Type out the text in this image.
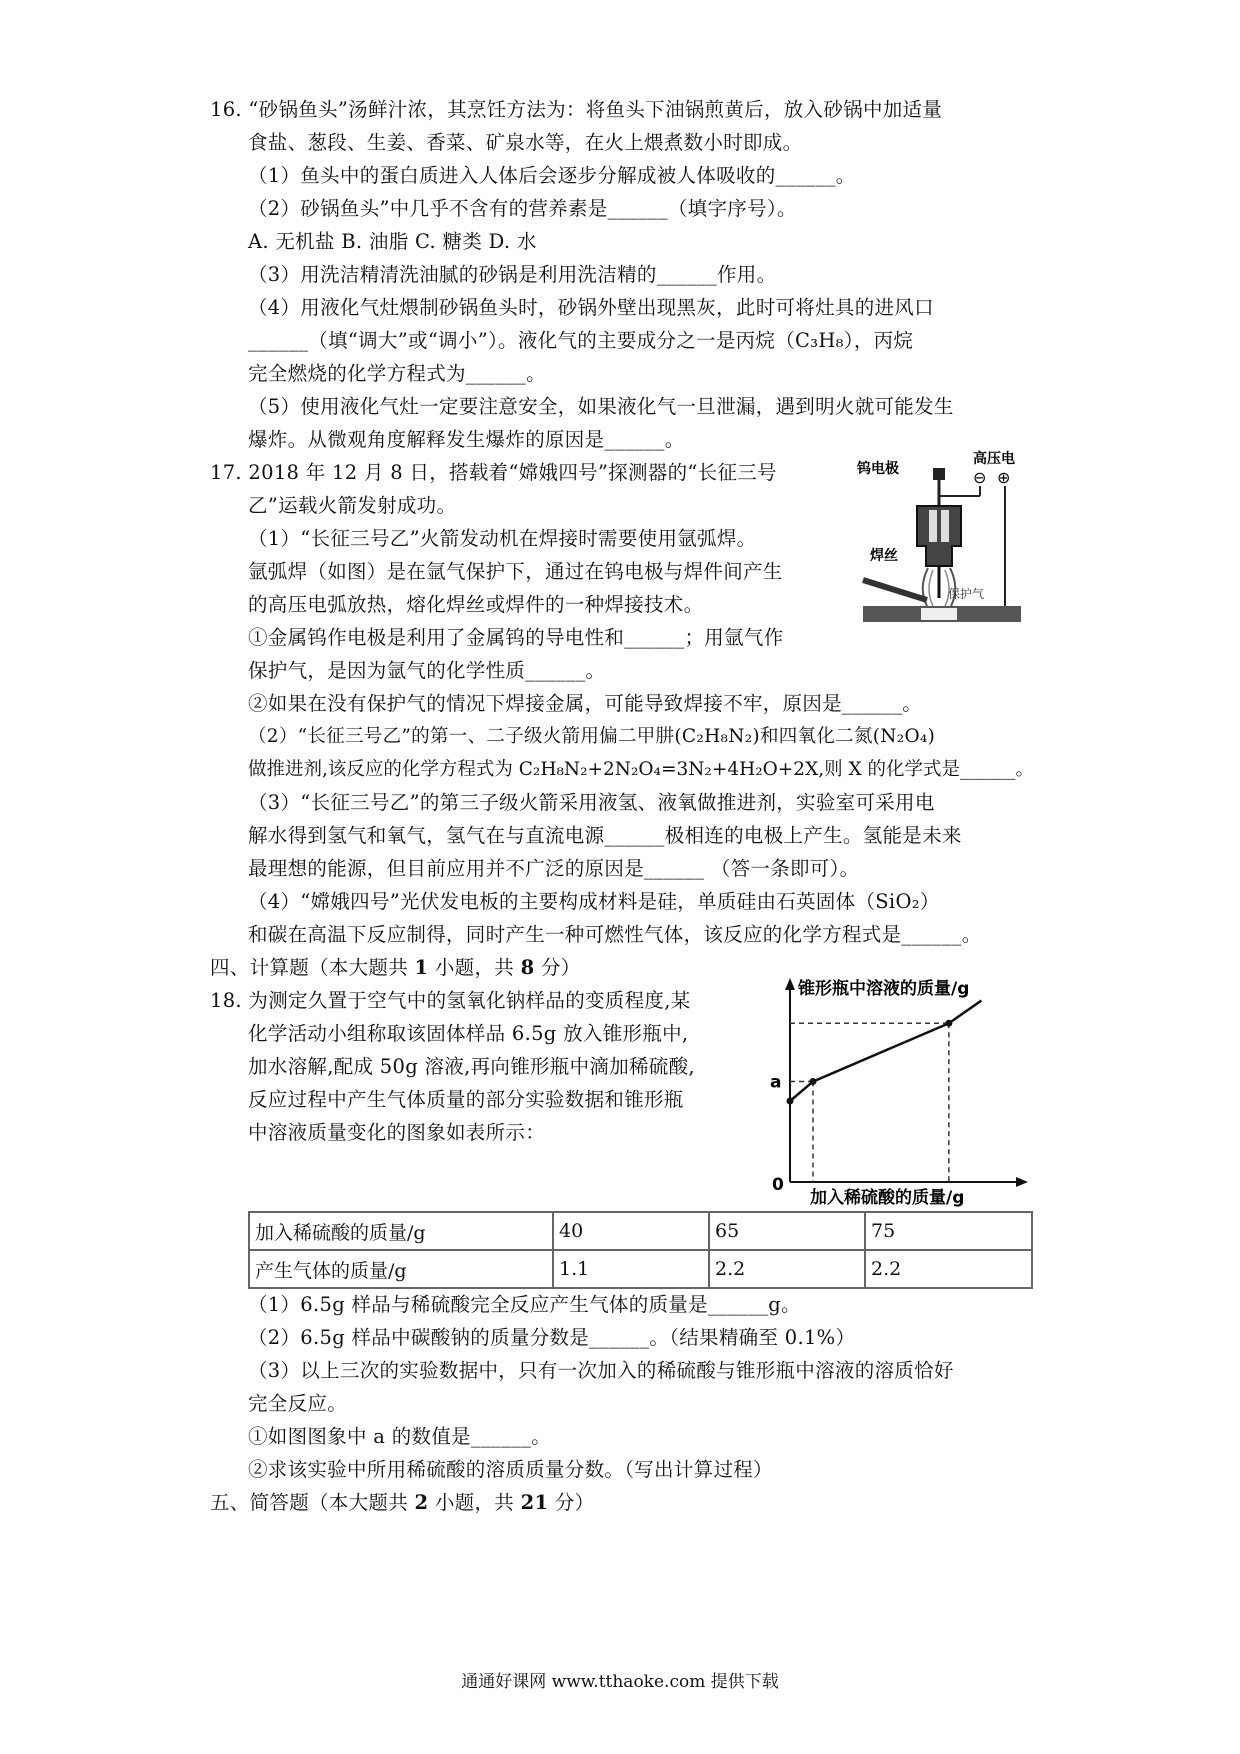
16. “砂锅鱼头”汤鲜汁浓，其烹饪方法为：将鱼头下油锅煎黄后，放入砂锅中加适量
食盐、葱段、生姜、香菜、矿泉水等，在火上煨煮数小时即成。
（1）鱼头中的蛋白质进入人体后会逐步分解成被人体吸收的______。
（2）砂锅鱼头”中几乎不含有的营养素是______（填字序号）。
A. 无机盐 B. 油脂 C. 糖类 D. 水
（3）用洗洁精清洗油腻的砂锅是利用洗洁精的______作用。
（4）用液化气灶煨制砂锅鱼头时，砂锅外壁出现黑灰，此时可将灶具的进风口
______（填“调大”或“调小”）。液化气的主要成分之一是丙烷（C₃H₈），丙烷
完全燃烧的化学方程式为______。
（5）使用液化气灶一定要注意安全，如果液化气一旦泄漏，遇到明火就可能发生
爆炸。从微观角度解释发生爆炸的原因是______。
17. 2018 年 12 月 8 日，搭载着“嫦娥四号”探测器的“长征三号
乙”运载火箭发射成功。
（1）“长征三号乙”火箭发动机在焊接时需要使用氩弧焊。
氩弧焊（如图）是在氩气保护下，通过在钨电极与焊件间产生
的高压电弧放热，熔化焊丝或焊件的一种焊接技术。
①金属钨作电极是利用了金属钨的导电性和______；用氩气作
保护气，是因为氩气的化学性质______。
②如果在没有保护气的情况下焊接金属，可能导致焊接不牢，原因是______。
（2）“长征三号乙”的第一、二子级火箭用偏二甲肼(C₂H₈N₂)和四氧化二氮(N₂O₄)
做推进剂,该反应的化学方程式为 C₂H₈N₂+2N₂O₄=3N₂+4H₂O+2X,则 X 的化学式是______。
（3）“长征三号乙”的第三子级火箭采用液氢、液氧做推进剂，实验室可采用电
解水得到氢气和氧气，氢气在与直流电源______极相连的电极上产生。氢能是未来
最理想的能源，但目前应用并不广泛的原因是______ （答一条即可）。
（4）“嫦娥四号”光伏发电板的主要构成材料是硅，单质硅由石英固体（SiO₂）
和碳在高温下反应制得，同时产生一种可燃性气体，该反应的化学方程式是______。
钨电极
高压电
⊖ ⊕
焊丝
保护气
四、计算题（本大题共 1 小题，共 8 分）
18. 为测定久置于空气中的氢氧化钠样品的变质程度,某
化学活动小组称取该固体样品 6.5g 放入锥形瓶中,
加水溶解,配成 50g 溶液,再向锥形瓶中滴加稀硫酸,
反应过程中产生气体质量的部分实验数据和锥形瓶
中溶液质量变化的图象如表所示：
锥形瓶中溶液的质量/g
加入稀硫酸的质量/g
0
a
加入稀硫酸的质量/g	40	65	75
产生气体的质量/g	1.1	2.2	2.2
（1）6.5g 样品与稀硫酸完全反应产生气体的质量是______g。
（2）6.5g 样品中碳酸钠的质量分数是______。（结果精确至 0.1%）
（3）以上三次的实验数据中，只有一次加入的稀硫酸与锥形瓶中溶液的溶质恰好
完全反应。
①如图图象中 a 的数值是______。
②求该实验中所用稀硫酸的溶质质量分数。（写出计算过程）
五、简答题（本大题共 2 小题，共 21 分）
通通好课网 www.tthaoke.com 提供下载
